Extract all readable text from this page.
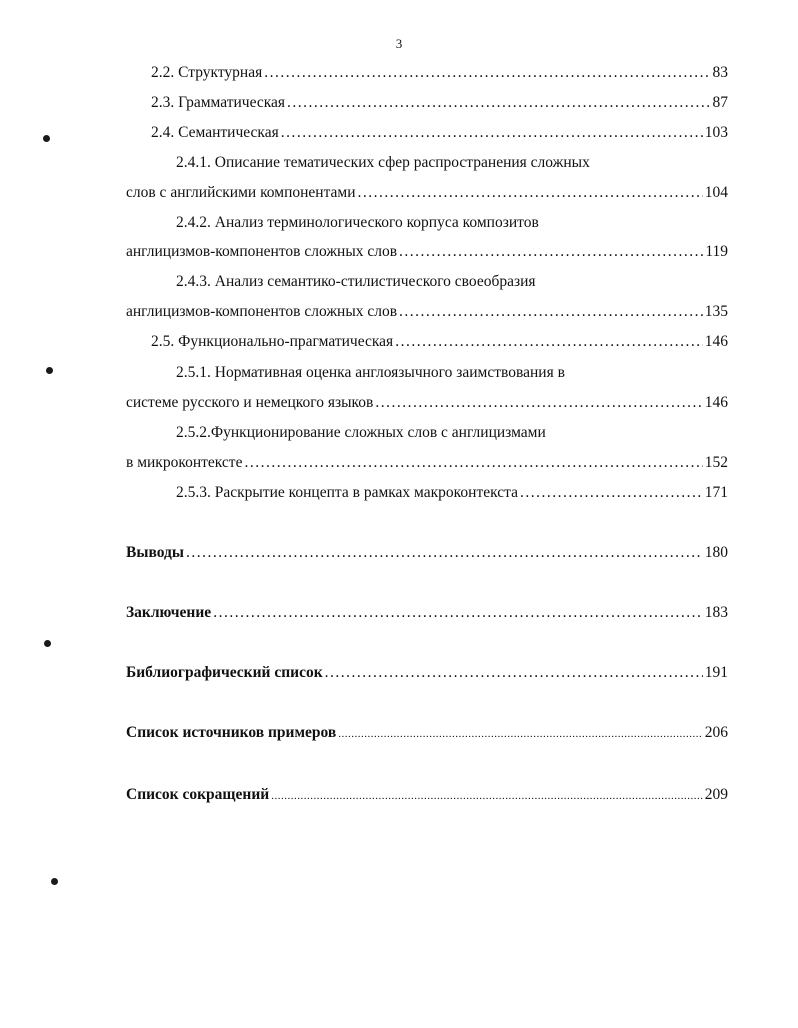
3
2.2. Структурная .....	83
2.3. Грамматическая .....	87
2.4. Семантическая .....	103
2.4.1. Описание тематических сфер распространения сложных
слов с английскими компонентами .....	104
2.4.2. Анализ терминологического корпуса композитов
англицизмов-компонентов сложных слов .....	119
2.4.3. Анализ семантико-стилистического своеобразия
англицизмов-компонентов сложных слов .....	135
2.5. Функционально-прагматическая .....	146
2.5.1. Нормативная оценка англоязычного заимствования в
системе русского и немецкого языков .....	146
2.5.2.Функционирование сложных слов с англицизмами
в микроконтексте .....	152
2.5.3. Раскрытие концепта в рамках макроконтекста .....	171
Выводы .....	180
Заключение .....	183
Библиографический список .....	191
Список источников примеров .....	206
Список сокращений .....	209
